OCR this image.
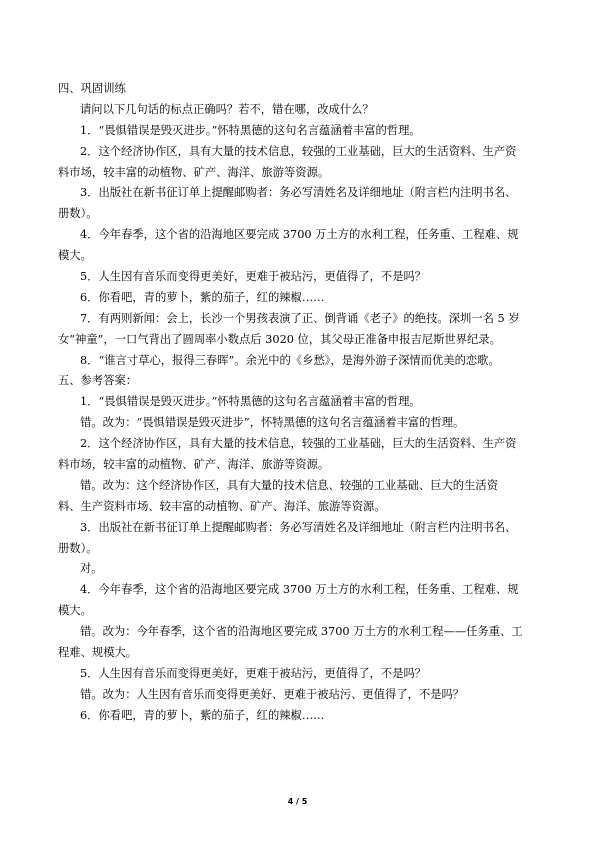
四、巩固训练
请问以下几句话的标点正确吗？若不，错在哪，改成什么？
1．“畏惧错误是毁灭进步。”怀特黑德的这句名言蕴涵着丰富的哲理。
2．这个经济协作区，具有大量的技术信息，较强的工业基础，巨大的生活资料、生产资
料市场，较丰富的动植物、矿产、海洋、旅游等资源。
3．出版社在新书征订单上提醒邮购者：务必写清姓名及详细地址（附言栏内注明书名、
册数）。
4．今年春季，这个省的沿海地区要完成 3700 万土方的水利工程，任务重、工程难、规
模大。
5．人生因有音乐而变得更美好，更难于被玷污，更值得了，不是吗？
6．你看吧，青的萝卜，紫的茄子，红的辣椒……
7．有两则新闻：会上，长沙一个男孩表演了正、倒背诵《老子》的绝技。深圳一名 5 岁
女“神童”，一口气背出了圆周率小数点后 3020 位，其父母正准备申报吉尼斯世界纪录。
8．“谁言寸草心，报得三春晖”。余光中的《乡愁》，是海外游子深情而优美的恋歌。
五、参考答案：
1．“畏惧错误是毁灭进步。”怀特黑德的这句名言蕴涵着丰富的哲理。
错。改为：“畏惧错误是毁灭进步”，怀特黑德的这句名言蕴涵着丰富的哲理。
2．这个经济协作区，具有大量的技术信息，较强的工业基础，巨大的生活资料、生产资
料市场，较丰富的动植物、矿产、海洋、旅游等资源。
错。改为：这个经济协作区，具有大量的技术信息、较强的工业基础、巨大的生活资
料、生产资料市场、较丰富的动植物、矿产、海洋、旅游等资源。
3．出版社在新书征订单上提醒邮购者：务必写清姓名及详细地址（附言栏内注明书名、
册数）。
对。
4．今年春季，这个省的沿海地区要完成 3700 万土方的水利工程，任务重、工程难、规
模大。
错。改为：今年春季，这个省的沿海地区要完成 3700 万土方的水利工程——任务重、工
程难、规模大。
5．人生因有音乐而变得更美好，更难于被玷污，更值得了，不是吗？
错。改为：人生因有音乐而变得更美好、更难于被玷污、更值得了，不是吗？
6．你看吧，青的萝卜，紫的茄子，红的辣椒……
4 / 5
